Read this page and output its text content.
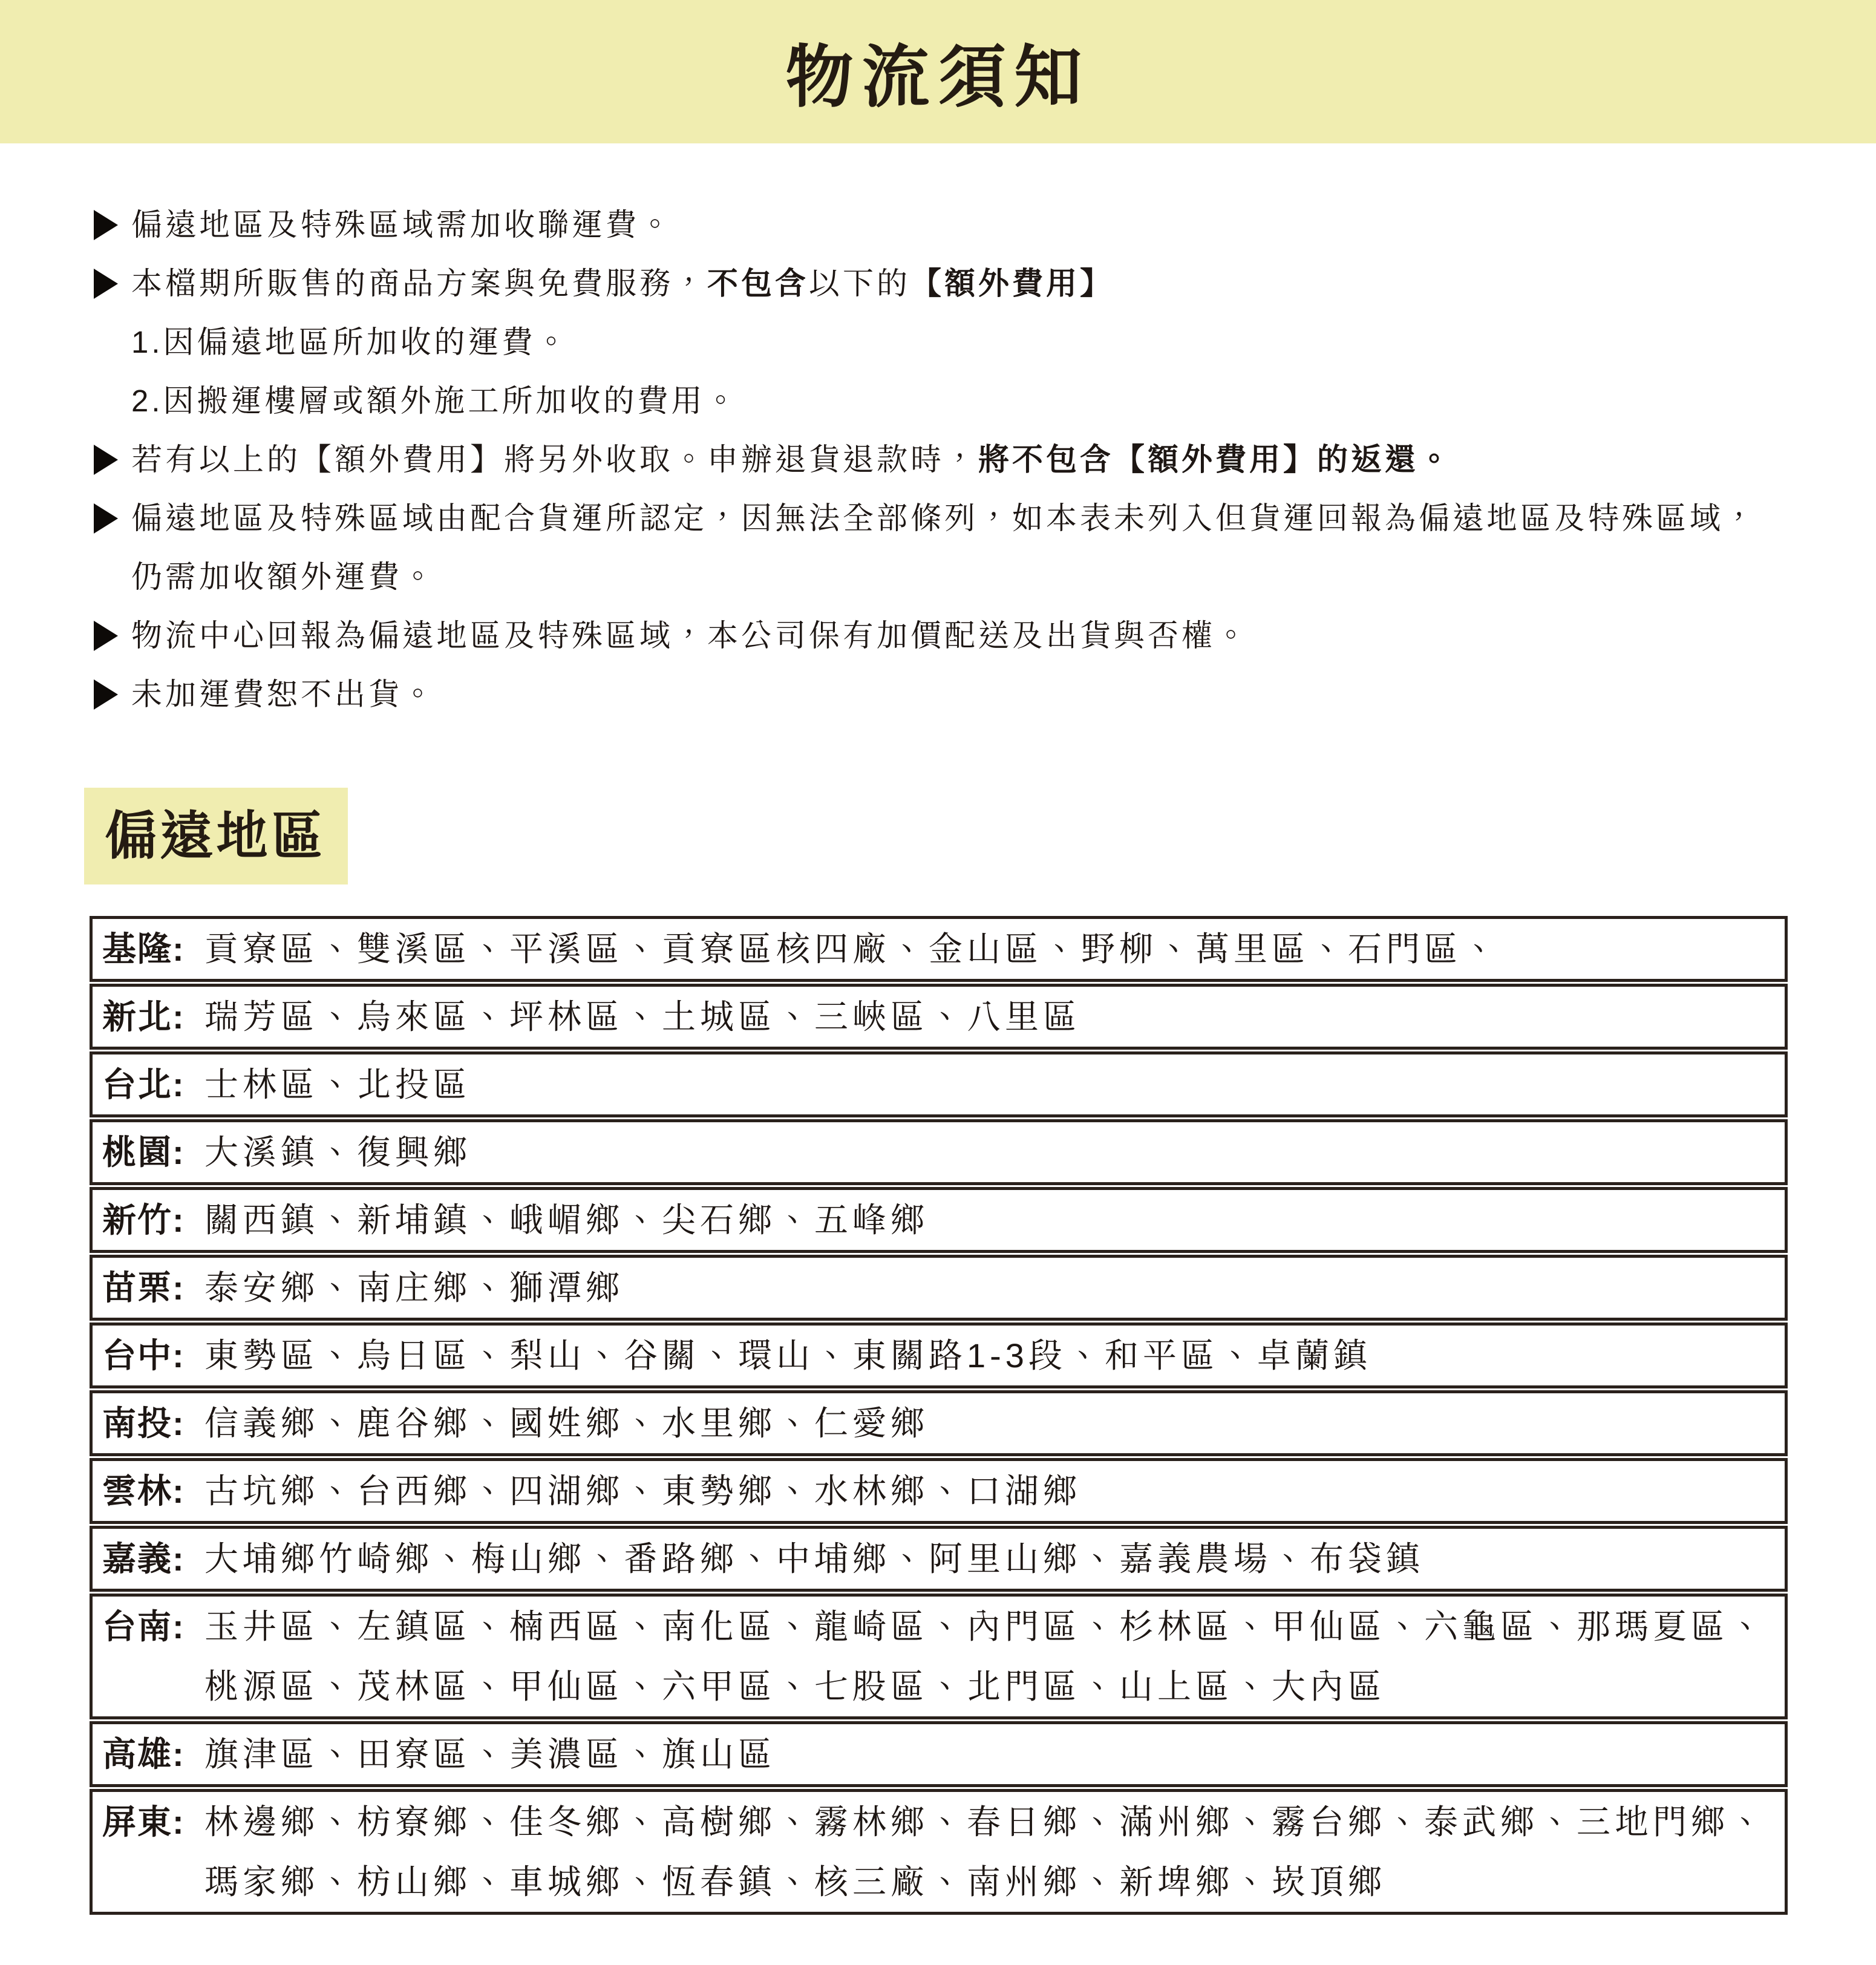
物流須知
偏遠地區及特殊區域需加收聯運費。
本檔期所販售的商品方案與免費服務，不包含以下的【額外費用】
1.因偏遠地區所加收的運費。
2.因搬運樓層或額外施工所加收的費用。
若有以上的【額外費用】將另外收取。申辦退貨退款時，將不包含【額外費用】的返還。
偏遠地區及特殊區域由配合貨運所認定，因無法全部條列，如本表未列入但貨運回報為偏遠地區及特殊區域，
仍需加收額外運費。
物流中心回報為偏遠地區及特殊區域，本公司保有加價配送及出貨與否權。
未加運費恕不出貨。
偏遠地區
基隆: 貢寮區、雙溪區、平溪區、貢寮區核四廠、金山區、野柳、萬里區、石門區、
新北: 瑞芳區、烏來區、坪林區、土城區、三峽區、八里區
台北: 士林區、北投區
桃園: 大溪鎮、復興鄉
新竹: 關西鎮、新埔鎮、峨嵋鄉、尖石鄉、五峰鄉
苗栗: 泰安鄉、南庄鄉、獅潭鄉
台中: 東勢區、烏日區、梨山、谷關、環山、東關路1-3段、和平區、卓蘭鎮
南投: 信義鄉、鹿谷鄉、國姓鄉、水里鄉、仁愛鄉
雲林: 古坑鄉、台西鄉、四湖鄉、東勢鄉、水林鄉、口湖鄉
嘉義: 大埔鄉竹崎鄉、梅山鄉、番路鄉、中埔鄉、阿里山鄉、嘉義農場、布袋鎮
台南: 玉井區、左鎮區、楠西區、南化區、龍崎區、內門區、杉林區、甲仙區、六龜區、那瑪夏區、
桃源區、茂林區、甲仙區、六甲區、七股區、北門區、山上區、大內區
高雄: 旗津區、田寮區、美濃區、旗山區
屏東: 林邊鄉、枋寮鄉、佳冬鄉、高樹鄉、霧林鄉、春日鄉、滿州鄉、霧台鄉、泰武鄉、三地門鄉、
瑪家鄉、枋山鄉、車城鄉、恆春鎮、核三廠、南州鄉、新埤鄉、崁頂鄉
